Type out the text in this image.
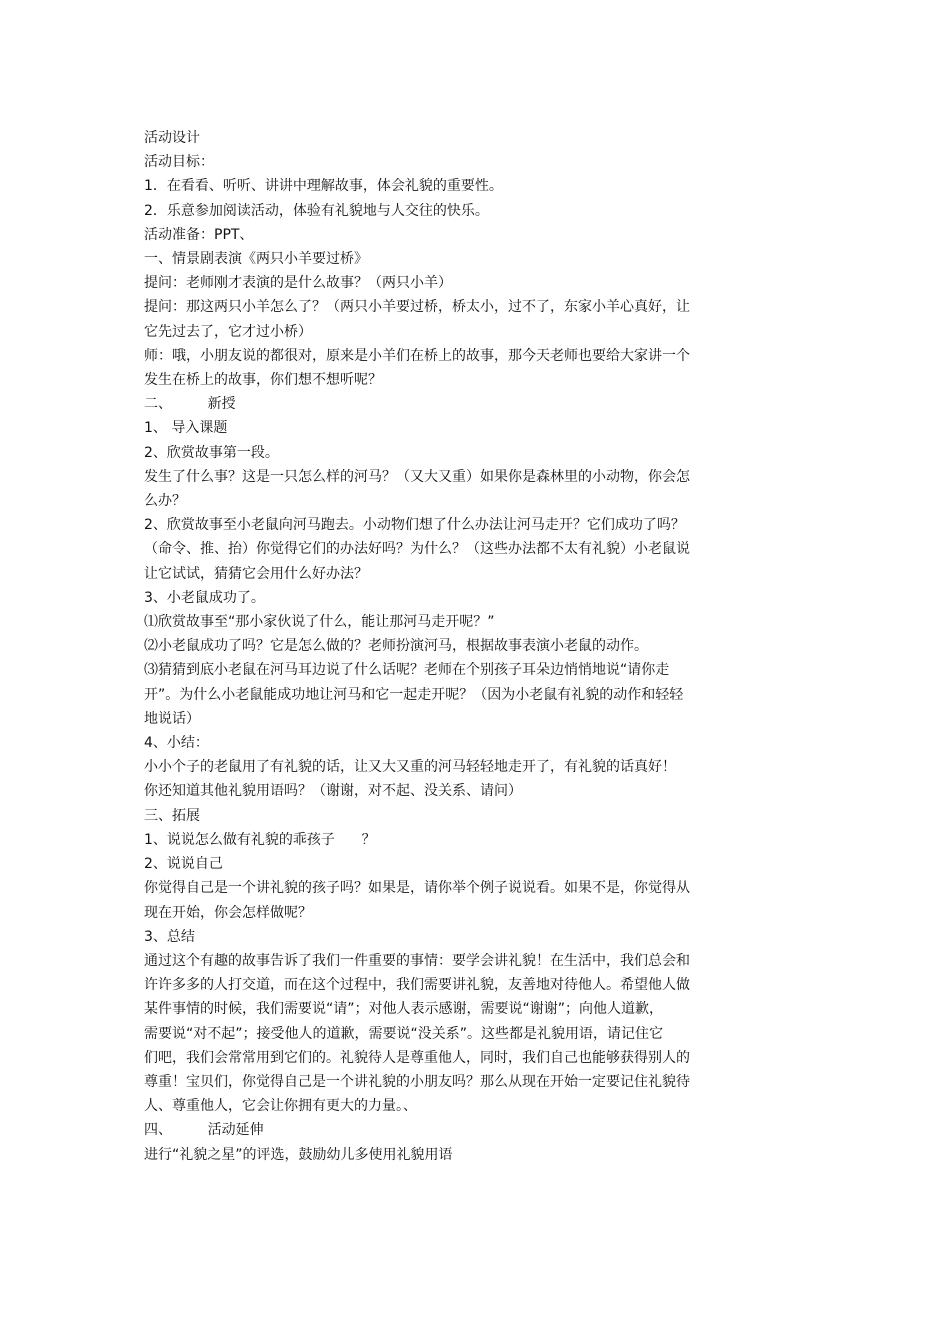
活动设计

活动目标：

1．在看看、听听、讲讲中理解故事，体会礼貌的重要性。

2．乐意参加阅读活动，体验有礼貌地与人交往的快乐。

活动准备：PPT、

一、情景剧表演《两只小羊要过桥》

提问：老师刚才表演的是什么故事？（两只小羊）

提问：那这两只小羊怎么了？（两只小羊要过桥，桥太小，过不了，东家小羊心真好，让

它先过去了，它才过小桥）

师：哦，小朋友说的都很对，原来是小羊们在桥上的故事，那今天老师也要给大家讲一个

发生在桥上的故事，你们想不想听呢？

二、        新授

1、 导入课题

2、欣赏故事第一段。

发生了什么事？这是一只怎么样的河马？（又大又重）如果你是森林里的小动物，你会怎

么办？

2、欣赏故事至小老鼠向河马跑去。小动物们想了什么办法让河马走开？它们成功了吗？

（命令、推、抬）你觉得它们的办法好吗？为什么？（这些办法都不太有礼貌）小老鼠说

让它试试，猜猜它会用什么好办法？

3、小老鼠成功了。

⑴欣赏故事至“那小家伙说了什么，能让那河马走开呢？”

⑵小老鼠成功了吗？它是怎么做的？老师扮演河马，根据故事表演小老鼠的动作。

⑶猜猜到底小老鼠在河马耳边说了什么话呢？老师在个别孩子耳朵边悄悄地说“请你走

开”。为什么小老鼠能成功地让河马和它一起走开呢？（因为小老鼠有礼貌的动作和轻轻

地说话）

4、小结：

小小个子的老鼠用了有礼貌的话，让又大又重的河马轻轻地走开了，有礼貌的话真好！

你还知道其他礼貌用语吗？（谢谢，对不起、没关系、请问）

三、拓展

1、说说怎么做有礼貌的乖孩子      ？

2、说说自己

你觉得自己是一个讲礼貌的孩子吗？如果是，请你举个例子说说看。如果不是，你觉得从

现在开始，你会怎样做呢？

3、总结

通过这个有趣的故事告诉了我们一件重要的事情：要学会讲礼貌！在生活中，我们总会和

许许多多的人打交道，而在这个过程中，我们需要讲礼貌，友善地对待他人。希望他人做

某件事情的时候，我们需要说“请”；对他人表示感谢，需要说“谢谢”；向他人道歉，

需要说“对不起”；接受他人的道歉，需要说“没关系”。这些都是礼貌用语，请记住它

们吧，我们会常常用到它们的。礼貌待人是尊重他人，同时，我们自己也能够获得别人的

尊重！宝贝们，你觉得自己是一个讲礼貌的小朋友吗？那么从现在开始一定要记住礼貌待

人、尊重他人，它会让你拥有更大的力量。、

四、        活动延伸

进行“礼貌之星”的评选，鼓励幼儿多使用礼貌用语
